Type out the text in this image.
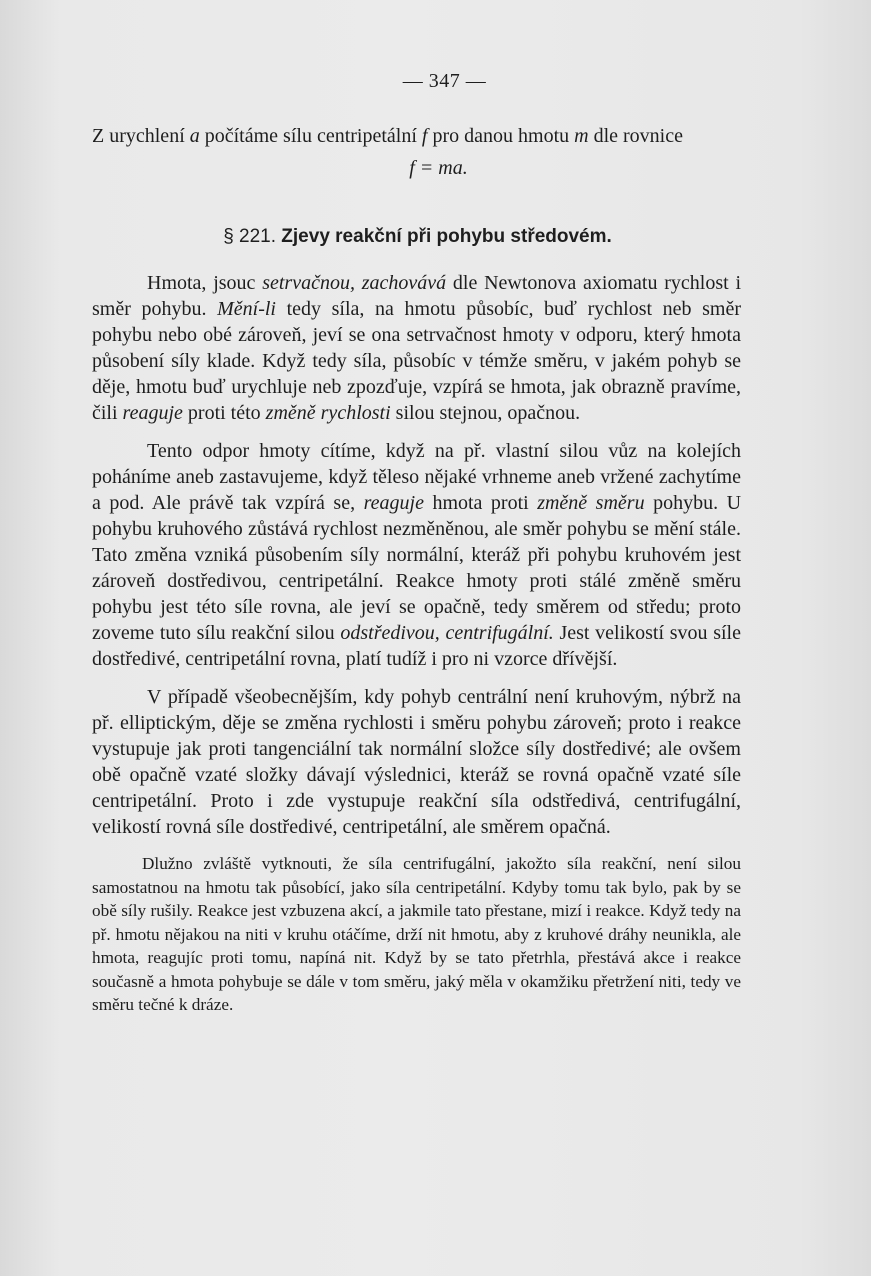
— 347 —

Z urychlení a počítáme sílu centripetální f pro danou hmotu m dle rovnice

f = ma.
§ 221. Zjevy reakční při pohybu středovém.

Hmota, jsouc setrvačnou, zachovává dle Newtonova axiomatu rychlost i směr pohybu. Mění-li tedy síla, na hmotu působíc, buď rychlost neb směr pohybu nebo obé zároveň, jeví se ona setrvačnost hmoty v odporu, který hmota působení síly klade. Když tedy síla, působíc v témže směru, v jakém pohyb se děje, hmotu buď urychluje neb zpozďuje, vzpírá se hmota, jak obrazně pravíme, čili reaguje proti této změně rychlosti silou stejnou, opačnou.

Tento odpor hmoty cítíme, když na př. vlastní silou vůz na kolejích poháníme aneb zastavujeme, když těleso nějaké vrhneme aneb vržené zachytíme a pod. Ale právě tak vzpírá se, reaguje hmota proti změně směru pohybu. U pohybu kruhového zůstává rychlost nezměněnou, ale směr pohybu se mění stále. Tato změna vzniká působením síly normální, kteráž při pohybu kruhovém jest zároveň dostředivou, centripetální. Reakce hmoty proti stálé změně směru pohybu jest této síle rovna, ale jeví se opačně, tedy směrem od středu; proto zoveme tuto sílu reakční silou odstředivou, centrifugální. Jest velikostí svou síle dostředivé, centripetální rovna, platí tudíž i pro ni vzorce dřívější.

V případě všeobecnějším, kdy pohyb centrální není kruhovým, nýbrž na př. elliptickým, děje se změna rychlosti i směru pohybu zároveň; proto i reakce vystupuje jak proti tangenciální tak normální složce síly dostředivé; ale ovšem obě opačně vzaté složky dávají výslednici, kteráž se rovná opačně vzaté síle centripetální. Proto i zde vystupuje reakční síla odstředivá, centrifugální, velikostí rovná síle dostředivé, centripetální, ale směrem opačná.

Dlužno zvláště vytknouti, že síla centrifugální, jakožto síla reakční, není silou samostatnou na hmotu tak působící, jako síla centripetální. Kdyby tomu tak bylo, pak by se obě síly rušily. Reakce jest vzbuzena akcí, a jakmile tato přestane, mizí i reakce. Když tedy na př. hmotu nějakou na niti v kruhu otáčíme, drží nit hmotu, aby z kruhové dráhy neunikla, ale hmota, reagujíc proti tomu, napíná nit. Když by se tato přetrhla, přestává akce i reakce současně a hmota pohybuje se dále v tom směru, jaký měla v okamžiku přetržení niti, tedy ve směru tečné k dráze.
